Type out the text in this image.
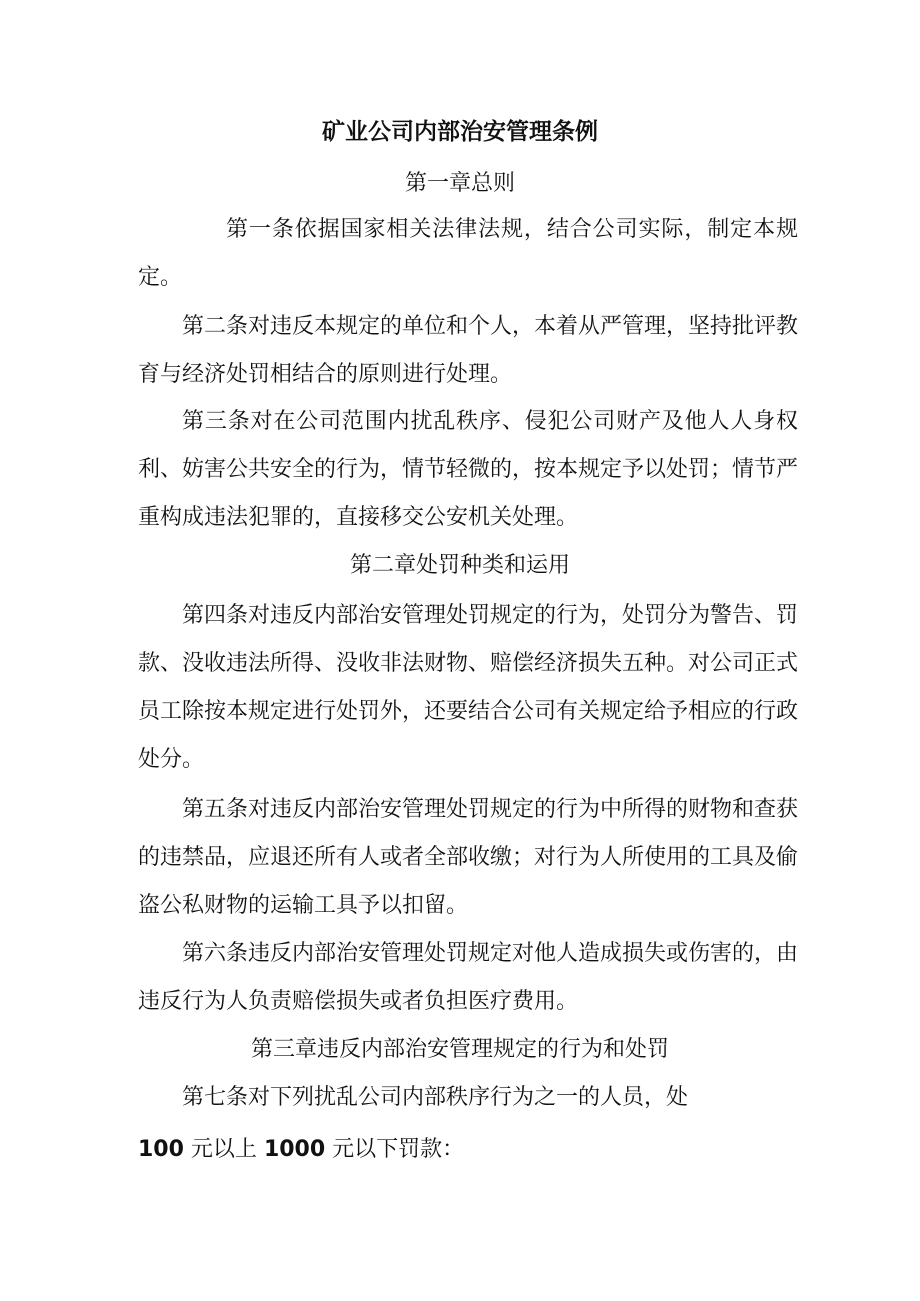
矿业公司内部治安管理条例

第一章总则

第一条依据国家相关法律法规，结合公司实际，制定本规定。

第二条对违反本规定的单位和个人，本着从严管理，坚持批评教育与经济处罚相结合的原则进行处理。

第三条对在公司范围内扰乱秩序、侵犯公司财产及他人人身权利、妨害公共安全的行为，情节轻微的，按本规定予以处罚；情节严重构成违法犯罪的，直接移交公安机关处理。

第二章处罚种类和运用

第四条对违反内部治安管理处罚规定的行为，处罚分为警告、罚款、没收违法所得、没收非法财物、赔偿经济损失五种。对公司正式员工除按本规定进行处罚外，还要结合公司有关规定给予相应的行政处分。

第五条对违反内部治安管理处罚规定的行为中所得的财物和查获的违禁品，应退还所有人或者全部收缴；对行为人所使用的工具及偷盗公私财物的运输工具予以扣留。

第六条违反内部治安管理处罚规定对他人造成损失或伤害的，由违反行为人负责赔偿损失或者负担医疗费用。

第三章违反内部治安管理规定的行为和处罚

第七条对下列扰乱公司内部秩序行为之一的人员，处

100 元以上 1000 元以下罚款：
